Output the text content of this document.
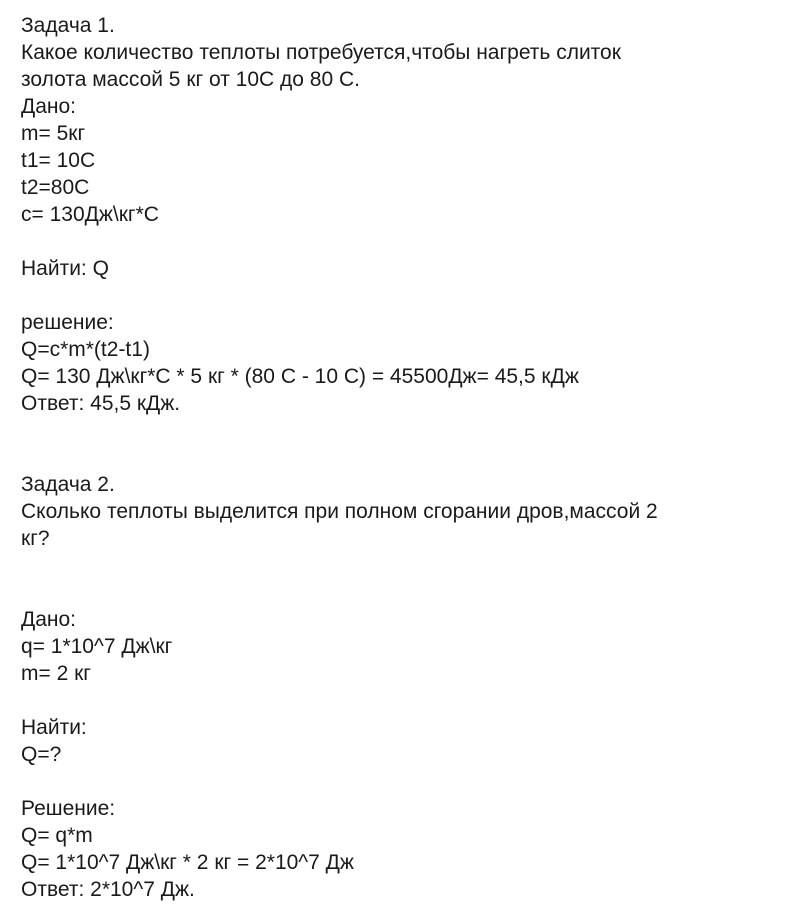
Задача 1.
Какое количество теплоты потребуется,чтобы нагреть слиток
золота массой 5 кг от 10С до 80 С.
Дано:
m= 5кг
t1= 10C
t2=80C
c= 130Дж\кг*С
Найти: Q
решение:
Q=c*m*(t2-t1)
Q= 130 Дж\кг*С * 5 кг * (80 С - 10 С) = 45500Дж= 45,5 кДж
Ответ: 45,5 кДж.
Задача 2.
Сколько теплоты выделится при полном сгорании дров,массой 2
кг?
Дано:
q= 1*10^7 Дж\кг
m= 2 кг
Найти:
Q=?
Решение:
Q= q*m
Q= 1*10^7 Дж\кг * 2 кг = 2*10^7 Дж
Ответ: 2*10^7 Дж.
